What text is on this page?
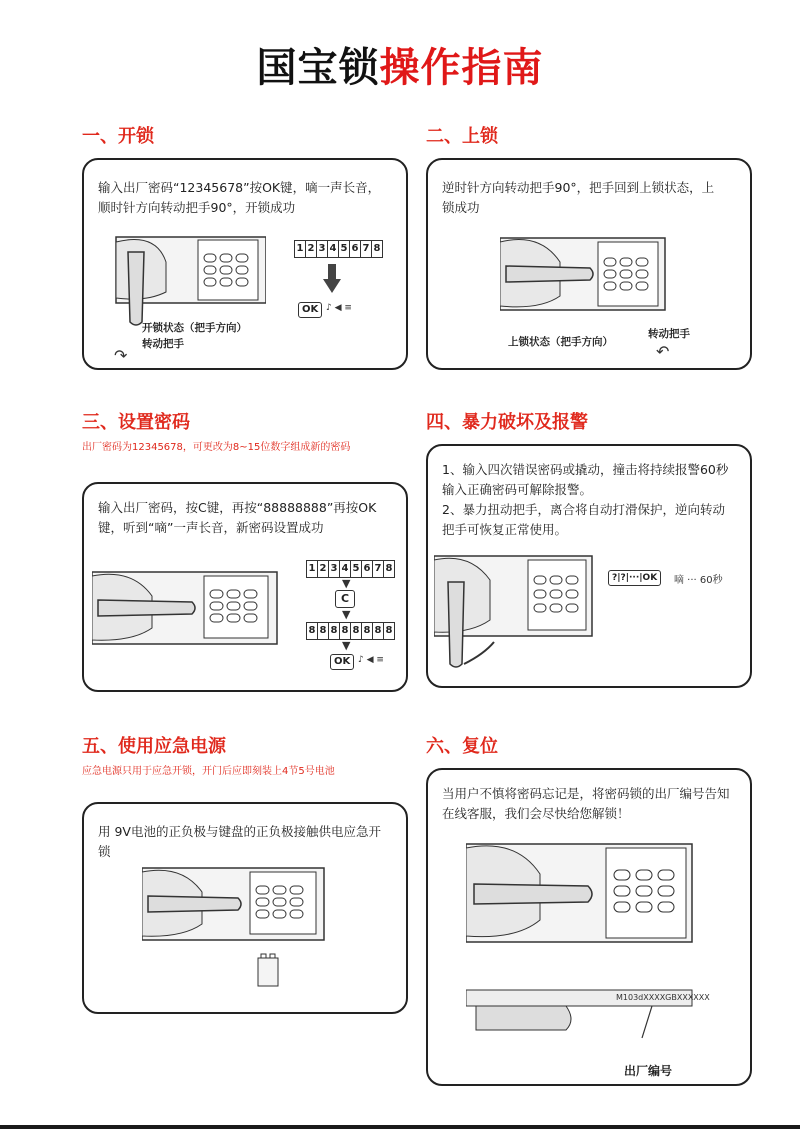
国宝锁操作指南
一、开锁
输入出厂密码“12345678”按OK键，嘀一声长音，顺时针方向转动把手90°，开锁成功
1 2 3 4 5 6 7 8
OK ♪ ◀ ≡
开锁状态（把手方向）
转动把手
↷
二、上锁
逆时针方向转动把手90°，把手回到上锁状态，上锁成功
上锁状态（把手方向）
转动把手
↶
三、设置密码
出厂密码为12345678，可更改为8~15位数字组成新的密码
输入出厂密码，按C键，再按“88888888”再按OK键，听到“嘀”一声长音，新密码设置成功
1 2 3 4 5 6 7 8
▼
C
▼
8 8 8 8 8 8 8 8
▼
OK ♪ ◀ ≡
四、暴力破坏及报警
1、输入四次错误密码或撬动，撞击将持续报警60秒输入正确密码可解除报警。
2、暴力扭动把手，离合将自动打滑保护，逆向转动把手可恢复正常使用。
?|?|···|OK	嘀 ··· 60秒
五、使用应急电源
应急电源只用于应急开锁，开门后应即刻装上4节5号电池
用 9V电池的正负极与键盘的正负极接触供电应急开锁
六、复位
当用户不慎将密码忘记是，将密码锁的出厂编号告知在线客服，我们会尽快给您解锁！
M103dXXXXGBXXXXXX
出厂编号
